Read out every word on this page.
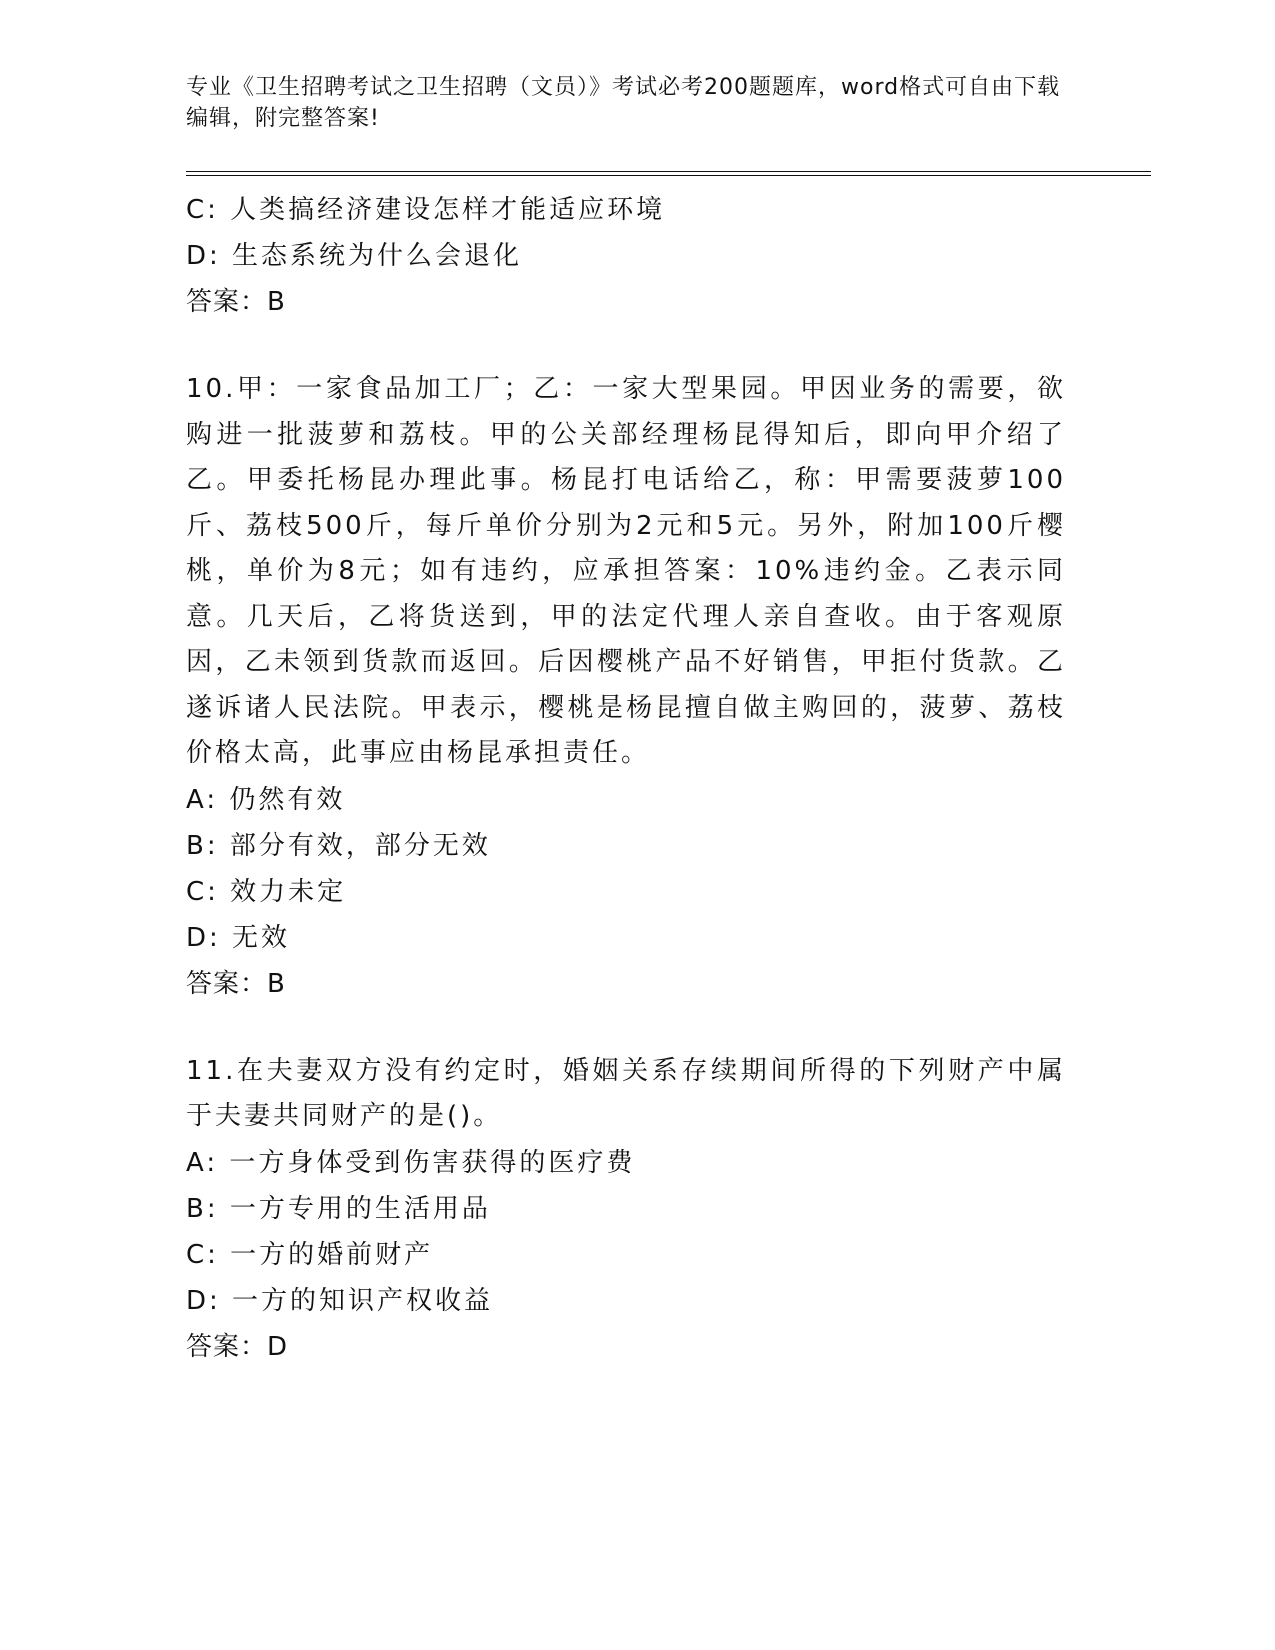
专业《卫生招聘考试之卫生招聘（文员）》考试必考200题题库，word格式可自由下载编辑，附完整答案!
C: 人类搞经济建设怎样才能适应环境
D: 生态系统为什么会退化
答案：B
10.甲：一家食品加工厂；乙：一家大型果园。甲因业务的需要，欲购进一批菠萝和荔枝。甲的公关部经理杨昆得知后，即向甲介绍了乙。甲委托杨昆办理此事。杨昆打电话给乙，称：甲需要菠萝100斤、荔枝500斤，每斤单价分别为2元和5元。另外，附加100斤樱桃，单价为8元；如有违约，应承担答案：10%违约金。乙表示同意。几天后，乙将货送到，甲的法定代理人亲自查收。由于客观原因，乙未领到货款而返回。后因樱桃产品不好销售，甲拒付货款。乙遂诉诸人民法院。甲表示，樱桃是杨昆擅自做主购回的，菠萝、荔枝价格太高，此事应由杨昆承担责任。
A: 仍然有效
B: 部分有效，部分无效
C: 效力未定
D: 无效
答案：B
11.在夫妻双方没有约定时，婚姻关系存续期间所得的下列财产中属于夫妻共同财产的是()。
A: 一方身体受到伤害获得的医疗费
B: 一方专用的生活用品
C: 一方的婚前财产
D: 一方的知识产权收益
答案：D
